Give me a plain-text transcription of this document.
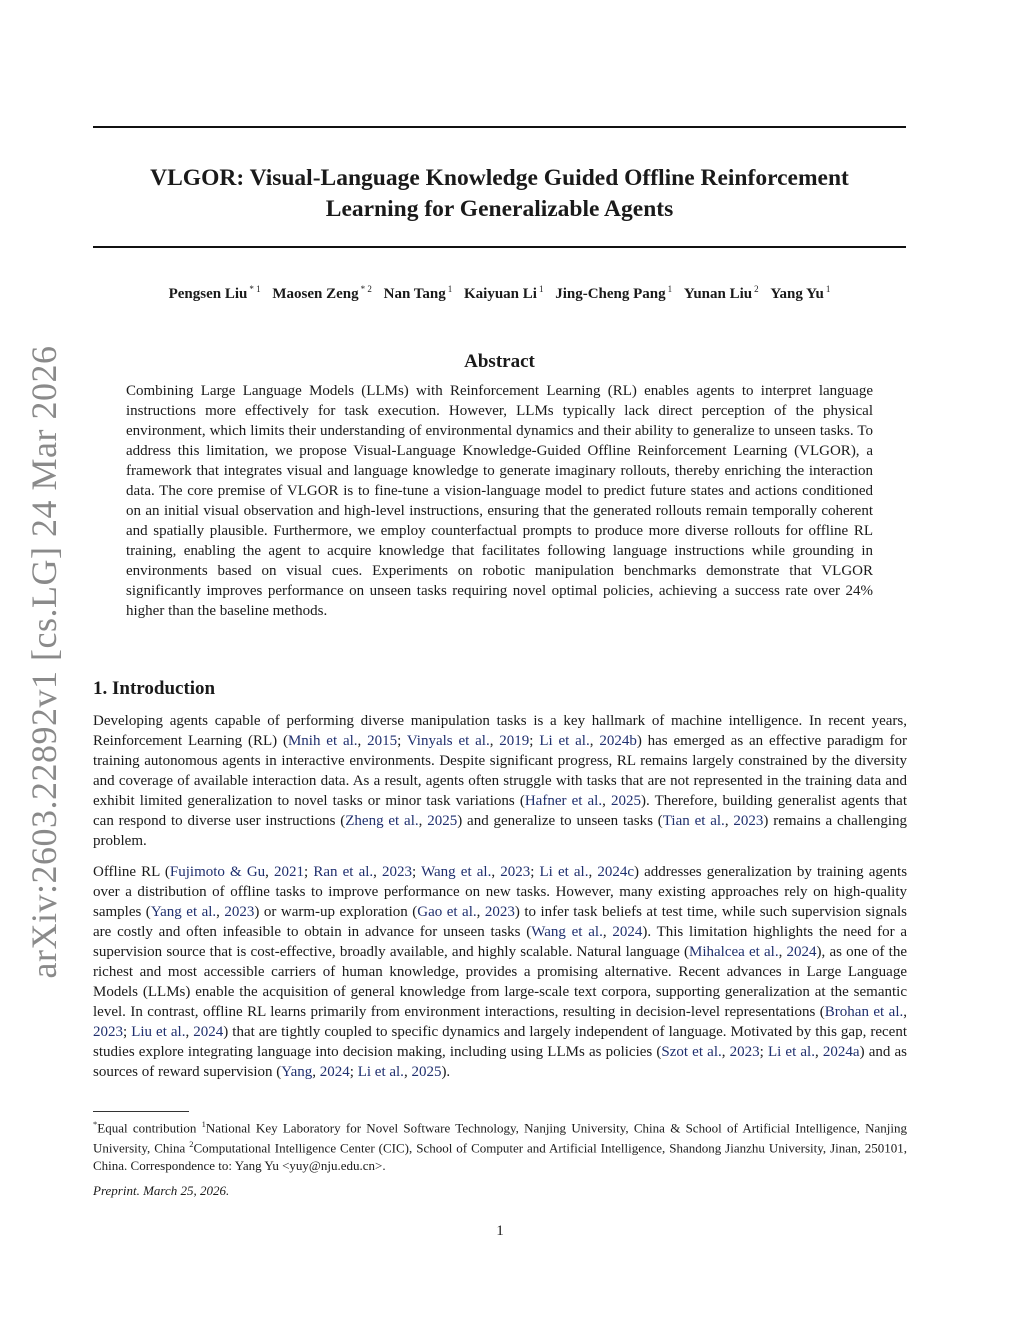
arXiv:2603.22892v1 [cs.LG] 24 Mar 2026
VLGOR: Visual-Language Knowledge Guided Offline Reinforcement
Learning for Generalizable Agents
Pengsen Liu $^{* 1}$ Maosen Zeng $^{* 2}$ Nan Tang $^1$ Kaiyuan Li $^1$ Jing-Cheng Pang $^1$ Yunan Liu $^2$ Yang Yu $^1$
Abstract

Combining Large Language Models (LLMs) with Reinforcement Learning (RL) enables agents to interpret language instructions more effectively for task execution. However, LLMs typically lack direct perception of the physical environment, which limits their understanding of environmental dynamics and their ability to generalize to unseen tasks. To address this limitation, we propose Visual-Language Knowledge-Guided Offline Reinforcement Learning (VLGOR), a framework that integrates visual and language knowledge to generate imaginary rollouts, thereby enriching the interaction data. The core premise of VLGOR is to fine-tune a vision-language model to predict future states and actions conditioned on an initial visual observation and high-level instructions, ensuring that the generated rollouts remain temporally coherent and spatially plausible. Furthermore, we employ counterfactual prompts to produce more diverse rollouts for offline RL training, enabling the agent to acquire knowledge that facilitates following language instructions while grounding in environments based on visual cues. Experiments on robotic manipulation benchmarks demonstrate that VLGOR significantly improves performance on unseen tasks requiring novel optimal policies, achieving a success rate over 24% higher than the baseline methods.

1. Introduction

Developing agents capable of performing diverse manipulation tasks is a key hallmark of machine intelligence. In recent years, Reinforcement Learning (RL) (Mnih et al., 2015; Vinyals et al., 2019; Li et al., 2024b) has emerged as an effective paradigm for training autonomous agents in interactive environments. Despite significant progress, RL remains largely constrained by the diversity and coverage of available interaction data. As a result, agents often struggle with tasks that are not represented in the training data and exhibit limited generalization to novel tasks or minor task variations (Hafner et al., 2025). Therefore, building generalist agents that can respond to diverse user instructions (Zheng et al., 2025) and generalize to unseen tasks (Tian et al., 2023) remains a challenging problem.

Offline RL (Fujimoto & Gu, 2021; Ran et al., 2023; Wang et al., 2023; Li et al., 2024c) addresses generalization by training agents over a distribution of offline tasks to improve performance on new tasks. However, many existing approaches rely on high-quality samples (Yang et al., 2023) or warm-up exploration (Gao et al., 2023) to infer task beliefs at test time, while such supervision signals are costly and often infeasible to obtain in advance for unseen tasks (Wang et al., 2024). This limitation highlights the need for a supervision source that is cost-effective, broadly available, and highly scalable. Natural language (Mihalcea et al., 2024), as one of the richest and most accessible carriers of human knowledge, provides a promising alternative. Recent advances in Large Language Models (LLMs) enable the acquisition of general knowledge from large-scale text corpora, supporting generalization at the semantic level. In contrast, offline RL learns primarily from environment interactions, resulting in decision-level representations (Brohan et al., 2023; Liu et al., 2024) that are tightly coupled to specific dynamics and largely independent of language. Motivated by this gap, recent studies explore integrating language into decision making, including using LLMs as policies (Szot et al., 2023; Li et al., 2024a) and as sources of reward supervision (Yang, 2024; Li et al., 2025).

*Equal contribution $^1$National Key Laboratory for Novel Software Technology, Nanjing University, China & School of Artificial Intelligence, Nanjing University, China $^2$Computational Intelligence Center (CIC), School of Computer and Artificial Intelligence, Shandong Jianzhu University, Jinan, 250101, China. Correspondence to: Yang Yu <yuy@nju.edu.cn>.

Preprint. March 25, 2026.
1
